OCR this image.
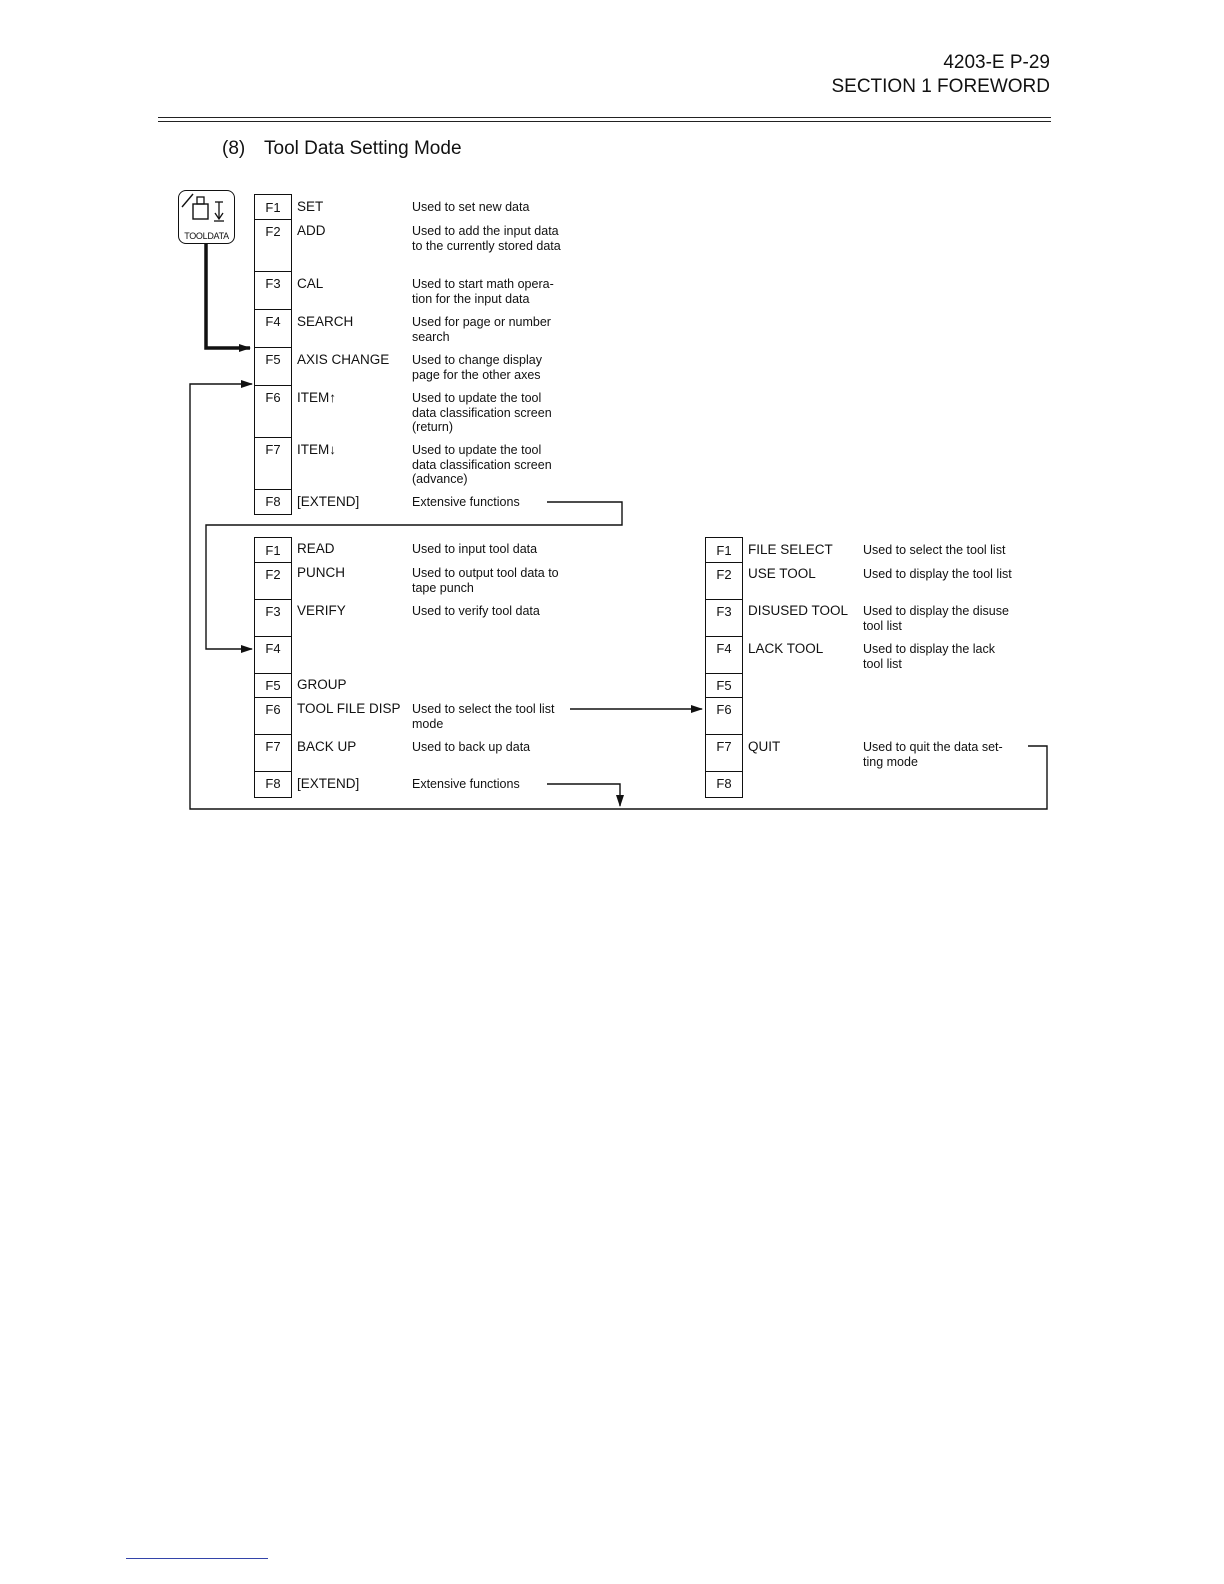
4203-E P-29
SECTION 1 FOREWORD
(8) Tool Data Setting Mode
TOOLDATA
F1
F2
F3
F4
F5
F6
F7
F8
SET
ADD
CAL
SEARCH
AXIS CHANGE
ITEM↑
ITEM↓
[EXTEND]
Used to set new data
Used to add the input data to the currently stored data
Used to start math opera-tion for the input data
Used for page or number search
Used to change display page for the other axes
Used to update the tool data classification screen (return)
Used to update the tool data classification screen (advance)
Extensive functions
F1
F2
F3
F4
F5
F6
F7
F8
READ
PUNCH
VERIFY
GROUP
TOOL FILE DISP
BACK UP
[EXTEND]
Used to input tool data
Used to output tool data to tape punch
Used to verify tool data
Used to select the tool list mode
Used to back up data
Extensive functions
F1
F2
F3
F4
F5
F6
F7
F8
FILE SELECT
USE TOOL
DISUSED TOOL
LACK TOOL
QUIT
Used to select the tool list
Used to display the tool list
Used to display the disuse tool list
Used to display the lack tool list
Used to quit the data set-ting mode
